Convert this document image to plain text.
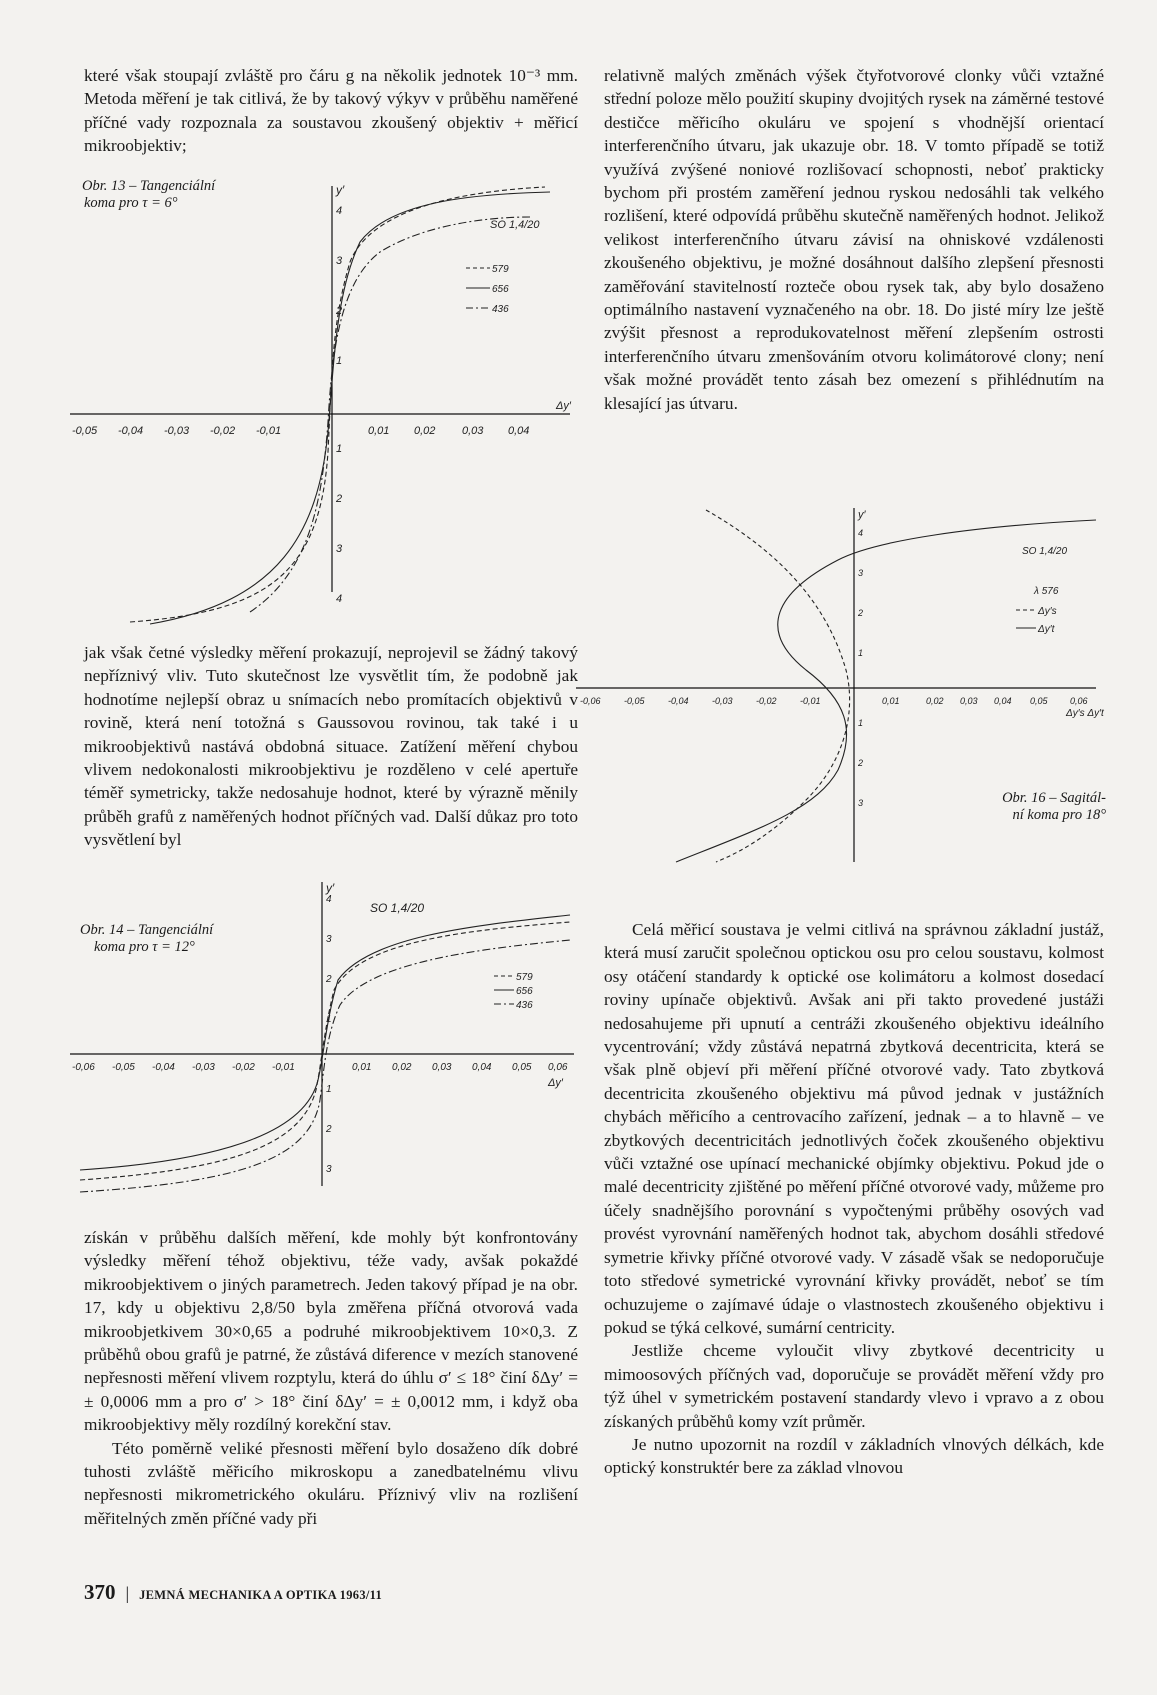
které však stoupají zvláště pro čáru g na několik jednotek 10⁻³ mm. Metoda měření je tak citlivá, že by takový výkyv v průběhu naměřené příčné vady rozpoznala za soustavou zkoušený objektiv + měřicí mikroobjektiv;

Obr. 13 – Tangenciální
koma pro τ = 6°
y′
Δy′
-0,05 -0,04 -0,03 -0,02 -0,01	0,01 0,02 0,03 0,04
4
3
2
1
1
2
3
4
SO 1,4/20
579
656
436

jak však četné výsledky měření prokazují, neprojevil se žádný takový nepříznivý vliv. Tuto skutečnost lze vysvětlit tím, že podobně jak hodnotíme nejlepší obraz u snímacích nebo promítacích objektivů v rovině, která není totožná s Gaussovou rovinou, tak také i u mikroobjektivů nastává obdobná situace. Zatížení měření chybou vlivem nedokonalosti mikroobjektivu je rozděleno v celé apertuře téměř symetricky, takže nedosahuje hodnot, které by výrazně měnily průběh grafů z naměřených hodnot příčných vad. Další důkaz pro toto vysvětlení byl

Obr. 14 – Tangenciální
koma pro τ = 12°
y′
Δy′
SO 1,4/20
-0,06 -0,05 -0,04 -0,03 -0,02 -0,01	0,01 0,02 0,03 0,04 0,05 0,06
4
3
2
1
1
2
3
579
656
436

získán v průběhu dalších měření, kde mohly být konfrontovány výsledky měření téhož objektivu, téže vady, avšak pokaždé mikroobjektivem o jiných parametrech. Jeden takový případ je na obr. 17, kdy u objektivu 2,8/50 byla změřena příčná otvorová vada mikroobjetkivem 30×0,65 a podruhé mikroobjektivem 10×0,3. Z průběhů obou grafů je patrné, že zůstává diference v mezích stanovené nepřesnosti měření vlivem rozptylu, která do úhlu σ′ ≤ 18° činí δΔy′ = ± 0,0006 mm a pro σ′ > 18° činí δΔy′ = ± 0,0012 mm, i když oba mikroobjektivy měly rozdílný korekční stav.

Této poměrně veliké přesnosti měření bylo dosaženo dík dobré tuhosti zvláště měřicího mikroskopu a zanedbatelnému vlivu nepřesnosti mikrometrického okuláru. Příznivý vliv na rozlišení měřitelných změn příčné vady při

relativně malých změnách výšek čtyřotvorové clonky vůči vztažné střední poloze mělo použití skupiny dvojitých rysek na záměrné testové destičce měřicího okuláru ve spojení s vhodnější orientací interferenčního útvaru, jak ukazuje obr. 18. V tomto případě se totiž využívá zvýšené noniové rozlišovací schopnosti, neboť prakticky bychom při prostém zaměření jednou ryskou nedosáhli tak velkého rozlišení, které odpovídá průběhu skutečně naměřených hodnot. Jelikož velikost interferenčního útvaru závisí na ohniskové vzdálenosti zkoušeného objektivu, je možné dosáhnout dalšího zlepšení přesnosti zaměřování stavitelností rozteče obou rysek tak, aby bylo dosaženo optimálního nastavení vyznačeného na obr. 18. Do jisté míry lze ještě zvýšit přesnost a reprodukovatelnost měření zlepšením ostrosti interferenčního útvaru zmenšováním otvoru kolimátorové clony; není však možné provádět tento zásah bez omezení s přihlédnutím na klesající jas útvaru.

y′
Δy′s Δy′t
SO 1,4/20
λ 576
Δy′s
Δy′t
-0,06	-0,05	-0,04	-0,03	-0,02	-0,01	0,01	0,02 0,03 0,04 0,05 0,06
4
3
2
1
1
2
3	Obr. 16 – Sagitál-
ní koma pro 18°

Celá měřicí soustava je velmi citlivá na správnou základní justáž, která musí zaručit společnou optickou osu pro celou soustavu, kolmost osy otáčení standardy k optické ose kolimátoru a kolmost dosedací roviny upínače objektivů. Avšak ani při takto provedené justáži nedosahujeme při upnutí a centráži zkoušeného objektivu ideálního vycentrování; vždy zůstává nepatrná zbytková decentricita, která se však plně objeví při měření příčné otvorové vady. Tato zbytková decentricita zkoušeného objektivu má původ jednak v justážních chybách měřicího a centrovacího zařízení, jednak – a to hlavně – ve zbytkových decentricitách jednotlivých čoček zkoušeného objektivu vůči vztažné ose upínací mechanické objímky objektivu. Pokud jde o malé decentricity zjištěné po měření příčné otvorové vady, můžeme pro účely snadnějšího porovnání s vypočtenými průběhy osových vad provést vyrovnání naměřených hodnot tak, abychom dosáhli středové symetrie křivky příčné otvorové vady. V zásadě však se nedoporučuje toto středové symetrické vyrovnání křivky provádět, neboť se tím ochuzujeme o zajímavé údaje o vlastnostech zkoušeného objektivu i pokud se týká celkové, sumární centricity.

Jestliže chceme vyloučit vlivy zbytkové decentricity u mimoosových příčných vad, doporučuje se provádět měření vždy pro týž úhel v symetrickém postavení standardy vlevo i vpravo a z obou získaných průběhů komy vzít průměr.

Je nutno upozornit na rozdíl v základních vlnových délkách, kde optický konstruktér bere za základ vlnovou

370 | JEMNÁ MECHANIKA A OPTIKA 1963/11
